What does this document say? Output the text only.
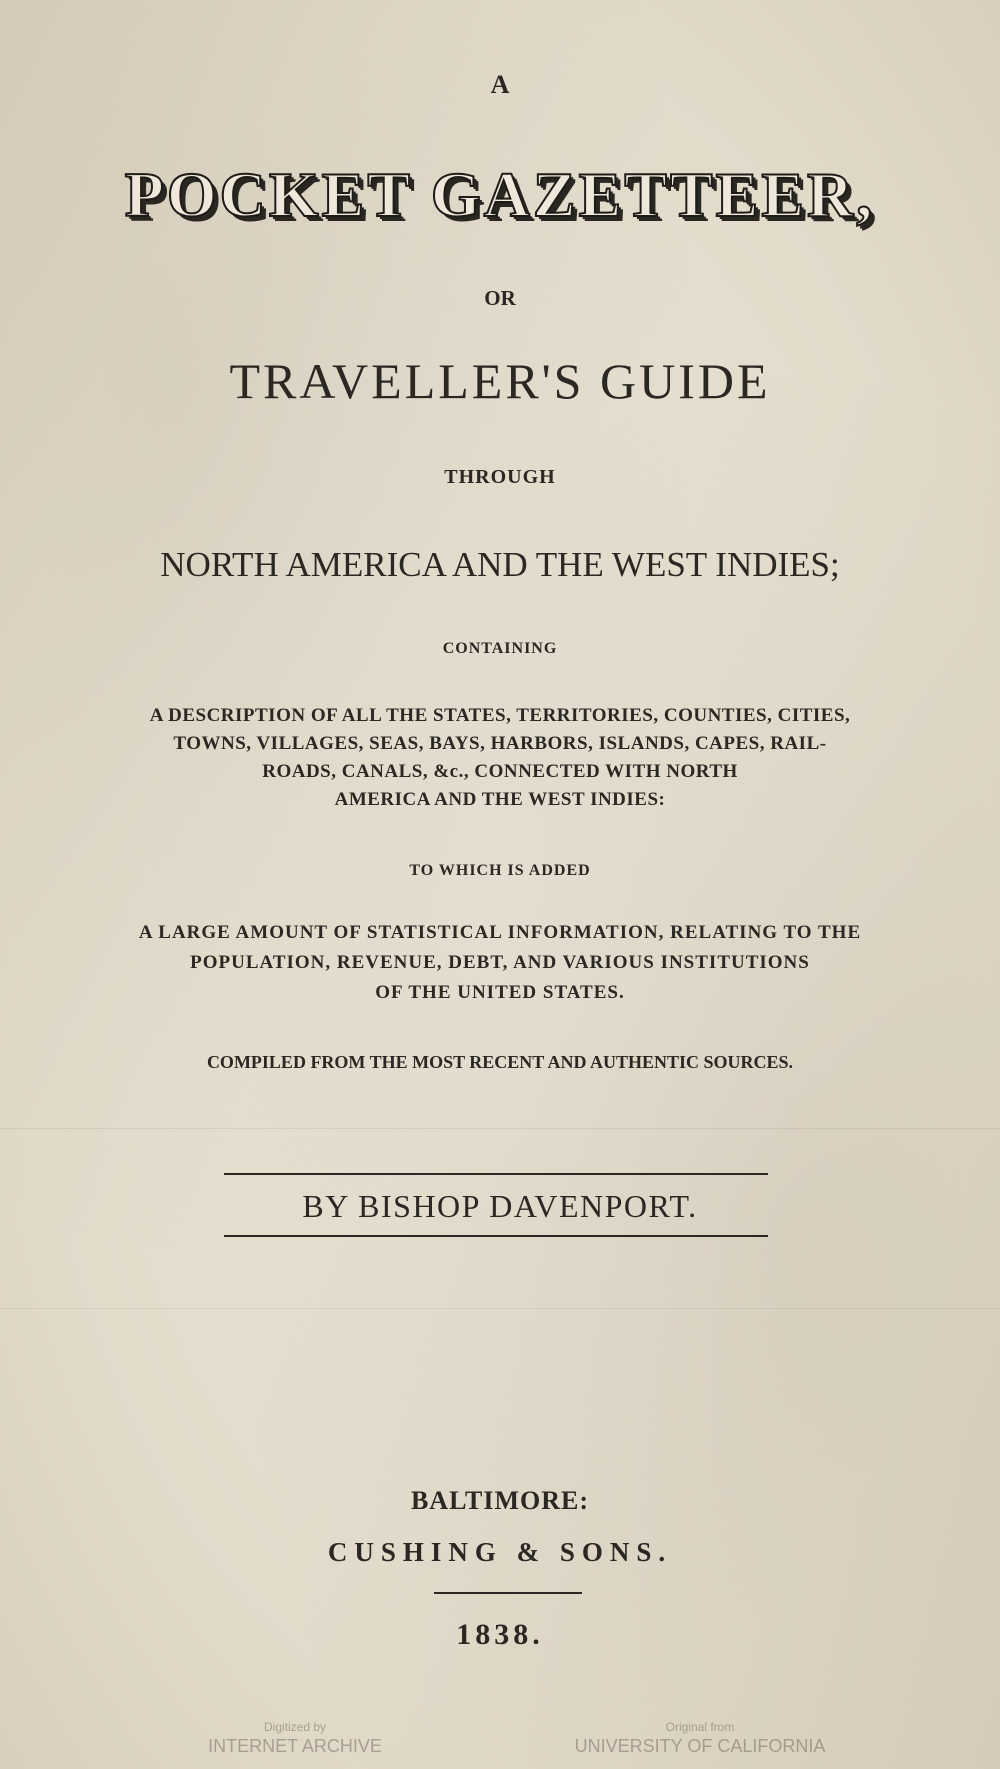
A
POCKET GAZETTEER,
OR
TRAVELLER'S GUIDE
THROUGH
NORTH AMERICA AND THE WEST INDIES;
CONTAINING
A DESCRIPTION OF ALL THE STATES, TERRITORIES, COUNTIES, CITIES,
TOWNS, VILLAGES, SEAS, BAYS, HARBORS, ISLANDS, CAPES, RAIL-
ROADS, CANALS, &c., CONNECTED WITH NORTH
AMERICA AND THE WEST INDIES:
TO WHICH IS ADDED
A LARGE AMOUNT OF STATISTICAL INFORMATION, RELATING TO THE
POPULATION, REVENUE, DEBT, AND VARIOUS INSTITUTIONS
OF THE UNITED STATES.
COMPILED FROM THE MOST RECENT AND AUTHENTIC SOURCES.
BY BISHOP DAVENPORT.
BALTIMORE:
CUSHING & SONS.
1838.
Digitized by
INTERNET ARCHIVE
Original from
UNIVERSITY OF CALIFORNIA
